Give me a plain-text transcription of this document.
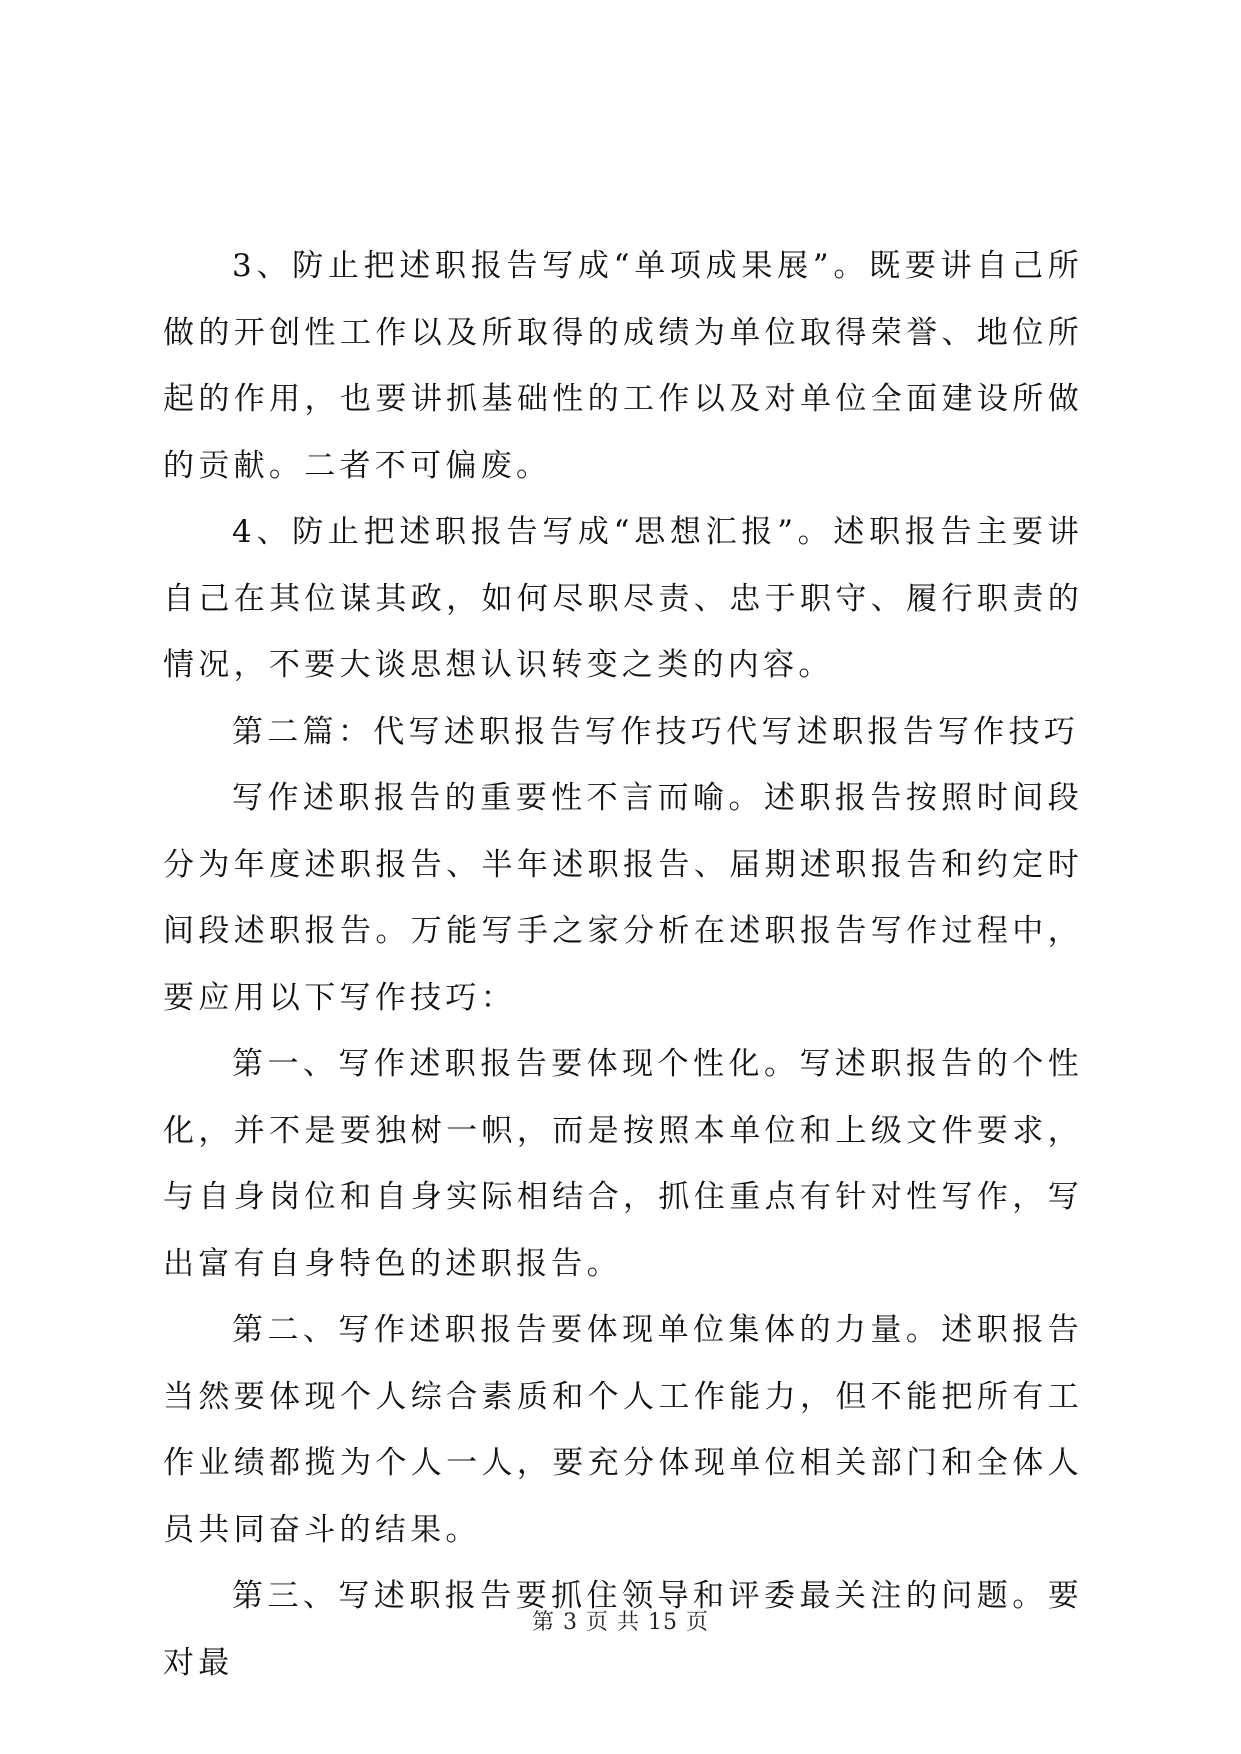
3、防止把述职报告写成“单项成果展”。既要讲自己所做的开创性工作以及所取得的成绩为单位取得荣誉、地位所起的作用，也要讲抓基础性的工作以及对单位全面建设所做的贡献。二者不可偏废。

4、防止把述职报告写成“思想汇报”。述职报告主要讲自己在其位谋其政，如何尽职尽责、忠于职守、履行职责的情况，不要大谈思想认识转变之类的内容。

第二篇：代写述职报告写作技巧代写述职报告写作技巧

写作述职报告的重要性不言而喻。述职报告按照时间段分为年度述职报告、半年述职报告、届期述职报告和约定时间段述职报告。万能写手之家分析在述职报告写作过程中，要应用以下写作技巧：

第一、写作述职报告要体现个性化。写述职报告的个性化，并不是要独树一帜，而是按照本单位和上级文件要求，与自身岗位和自身实际相结合，抓住重点有针对性写作，写出富有自身特色的述职报告。

第二、写作述职报告要体现单位集体的力量。述职报告当然要体现个人综合素质和个人工作能力，但不能把所有工作业绩都揽为个人一人，要充分体现单位相关部门和全体人员共同奋斗的结果。

第三、写述职报告要抓住领导和评委最关注的问题。要对最

第 3 页 共 15 页
